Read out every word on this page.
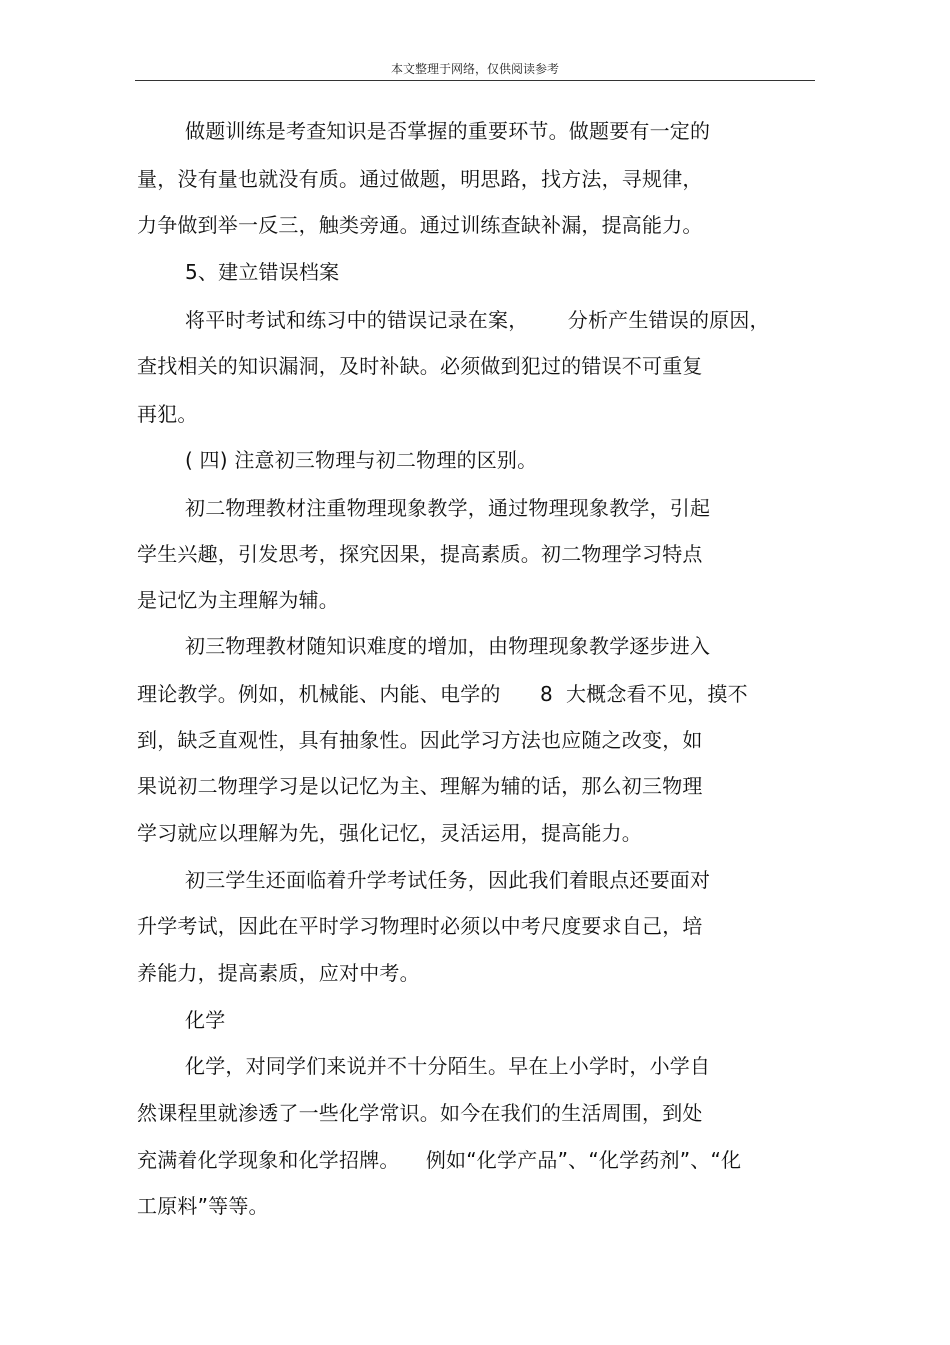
本文整理于网络，仅供阅读参考
做题训练是考查知识是否掌握的重要环节。做题要有一定的
量，没有量也就没有质。通过做题，明思路，找方法，寻规律，
力争做到举一反三，触类旁通。通过训练查缺补漏，提高能力。
5、建立错误档案
将平时考试和练习中的错误记录在案，      分析产生错误的原因，
查找相关的知识漏洞，及时补缺。必须做到犯过的错误不可重复
再犯。
( 四) 注意初三物理与初二物理的区别。
初二物理教材注重物理现象教学，通过物理现象教学，引起
学生兴趣，引发思考，探究因果，提高素质。初二物理学习特点
是记忆为主理解为辅。
初三物理教材随知识难度的增加，由物理现象教学逐步进入
理论教学。例如，机械能、内能、电学的      8  大概念看不见，摸不
到，缺乏直观性，具有抽象性。因此学习方法也应随之改变，如
果说初二物理学习是以记忆为主、理解为辅的话，那么初三物理
学习就应以理解为先，强化记忆，灵活运用，提高能力。
初三学生还面临着升学考试任务，因此我们着眼点还要面对
升学考试，因此在平时学习物理时必须以中考尺度要求自己，培
养能力，提高素质，应对中考。
化学
化学，对同学们来说并不十分陌生。早在上小学时，小学自
然课程里就渗透了一些化学常识。如今在我们的生活周围，到处
充满着化学现象和化学招牌。    例如“化学产品”、“化学药剂”、“化
工原料”等等。
